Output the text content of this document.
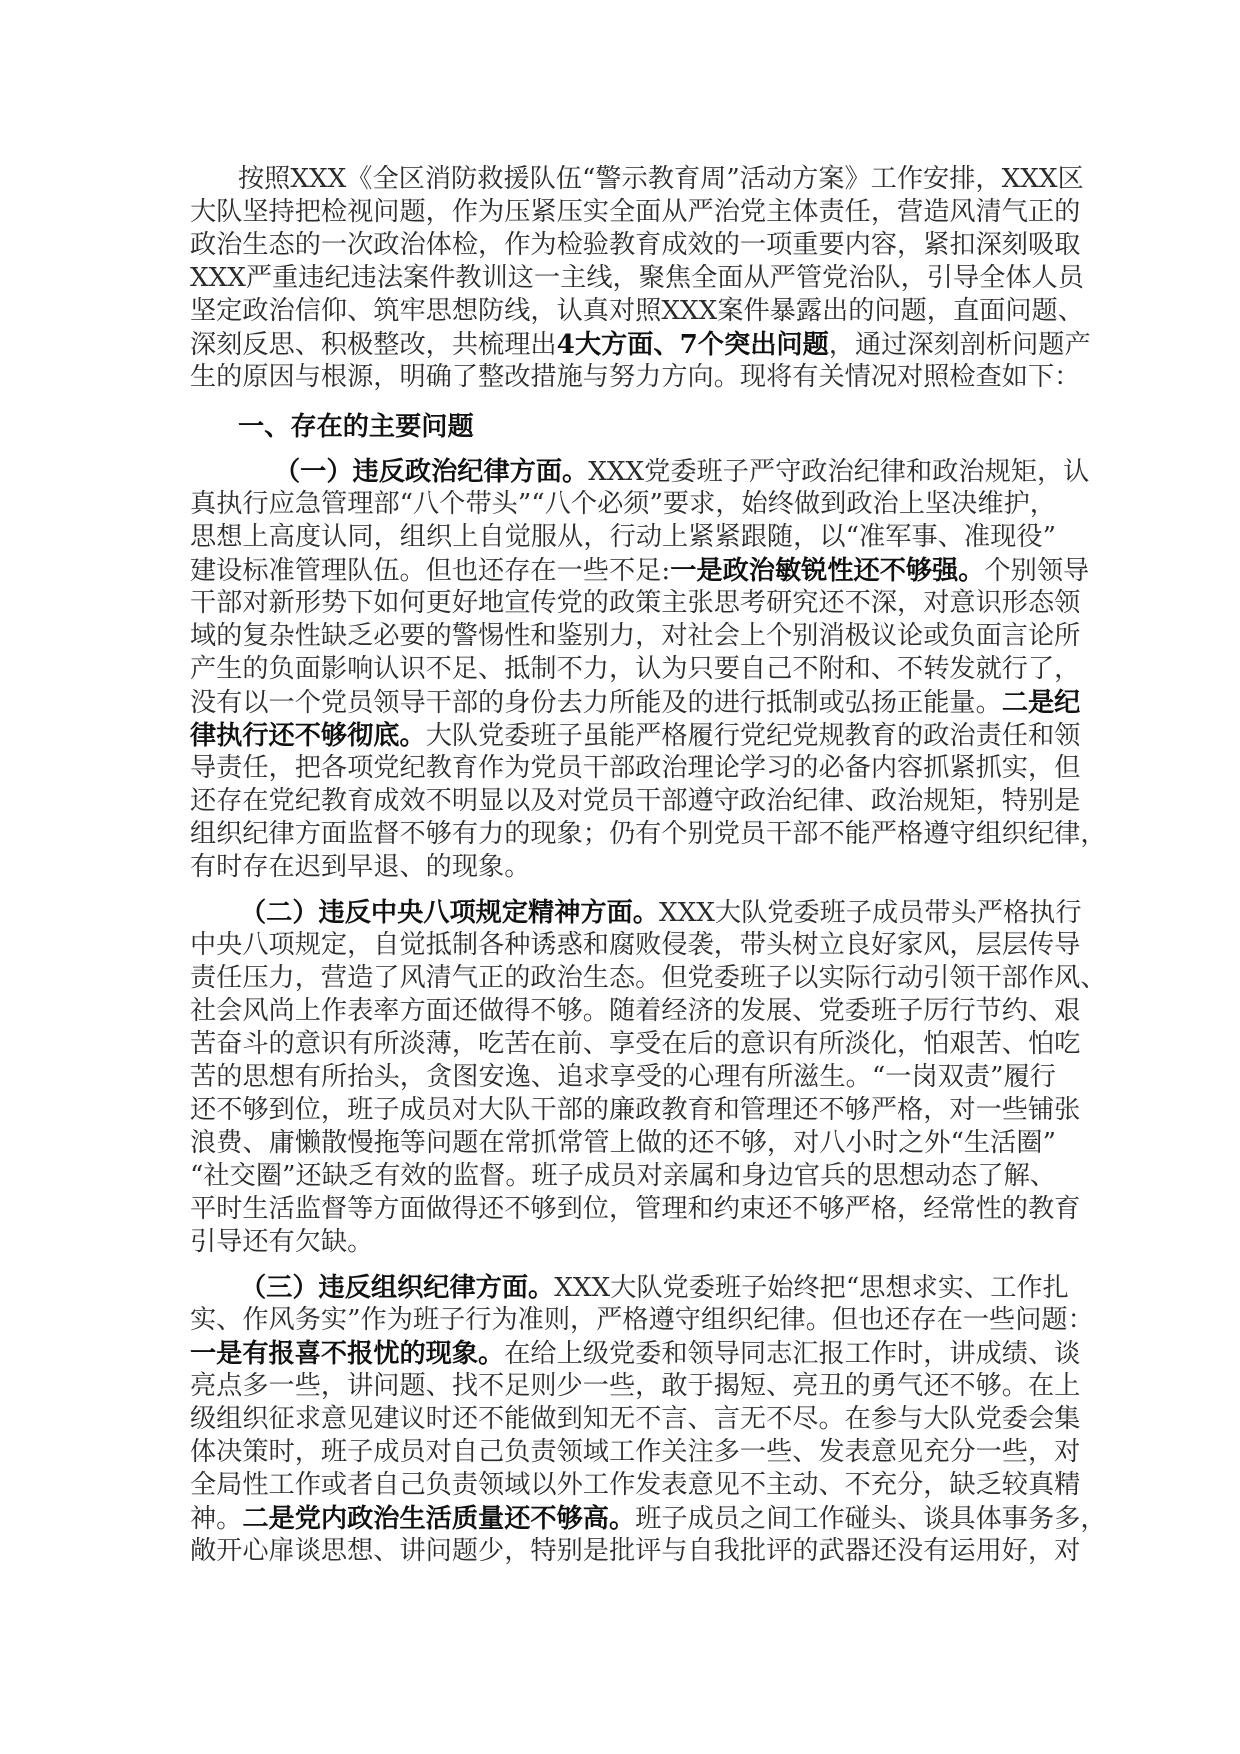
按照XXX《全区消防救援队伍“警示教育周”活动方案》工作安排，XXX区
大队坚持把检视问题，作为压紧压实全面从严治党主体责任，营造风清气正的
政治生态的一次政治体检，作为检验教育成效的一项重要内容，紧扣深刻吸取
XXX严重违纪违法案件教训这一主线，聚焦全面从严管党治队，引导全体人员
坚定政治信仰、筑牢思想防线，认真对照XXX案件暴露出的问题，直面问题、
深刻反思、积极整改，共梳理出4大方面、7个突出问题，通过深刻剖析问题产
生的原因与根源，明确了整改措施与努力方向。现将有关情况对照检查如下：
一、存在的主要问题
（一）违反政治纪律方面。XXX党委班子严守政治纪律和政治规矩，认
真执行应急管理部“八个带头”“八个必须”要求，始终做到政治上坚决维护，
思想上高度认同，组织上自觉服从，行动上紧紧跟随，以“准军事、准现役”
建设标准管理队伍。但也还存在一些不足:一是政治敏锐性还不够强。个别领导
干部对新形势下如何更好地宣传党的政策主张思考研究还不深，对意识形态领
域的复杂性缺乏必要的警惕性和鉴别力，对社会上个别消极议论或负面言论所
产生的负面影响认识不足、抵制不力，认为只要自己不附和、不转发就行了，
没有以一个党员领导干部的身份去力所能及的进行抵制或弘扬正能量。二是纪
律执行还不够彻底。大队党委班子虽能严格履行党纪党规教育的政治责任和领
导责任，把各项党纪教育作为党员干部政治理论学习的必备内容抓紧抓实，但
还存在党纪教育成效不明显以及对党员干部遵守政治纪律、政治规矩，特别是
组织纪律方面监督不够有力的现象；仍有个别党员干部不能严格遵守组织纪律，
有时存在迟到早退、的现象。
（二）违反中央八项规定精神方面。XXX大队党委班子成员带头严格执行
中央八项规定，自觉抵制各种诱惑和腐败侵袭，带头树立良好家风，层层传导
责任压力，营造了风清气正的政治生态。但党委班子以实际行动引领干部作风、
社会风尚上作表率方面还做得不够。随着经济的发展、党委班子厉行节约、艰
苦奋斗的意识有所淡薄，吃苦在前、享受在后的意识有所淡化，怕艰苦、怕吃
苦的思想有所抬头，贪图安逸、追求享受的心理有所滋生。“一岗双责”履行
还不够到位，班子成员对大队干部的廉政教育和管理还不够严格，对一些铺张
浪费、庸懒散慢拖等问题在常抓常管上做的还不够，对八小时之外“生活圈”
“社交圈”还缺乏有效的监督。班子成员对亲属和身边官兵的思想动态了解、
平时生活监督等方面做得还不够到位，管理和约束还不够严格，经常性的教育
引导还有欠缺。
（三）违反组织纪律方面。XXX大队党委班子始终把“思想求实、工作扎
实、作风务实”作为班子行为准则，严格遵守组织纪律。但也还存在一些问题：
一是有报喜不报忧的现象。在给上级党委和领导同志汇报工作时，讲成绩、谈
亮点多一些，讲问题、找不足则少一些，敢于揭短、亮丑的勇气还不够。在上
级组织征求意见建议时还不能做到知无不言、言无不尽。在参与大队党委会集
体决策时，班子成员对自己负责领域工作关注多一些、发表意见充分一些，对
全局性工作或者自己负责领域以外工作发表意见不主动、不充分，缺乏较真精
神。二是党内政治生活质量还不够高。班子成员之间工作碰头、谈具体事务多，
敞开心扉谈思想、讲问题少，特别是批评与自我批评的武器还没有运用好，对
